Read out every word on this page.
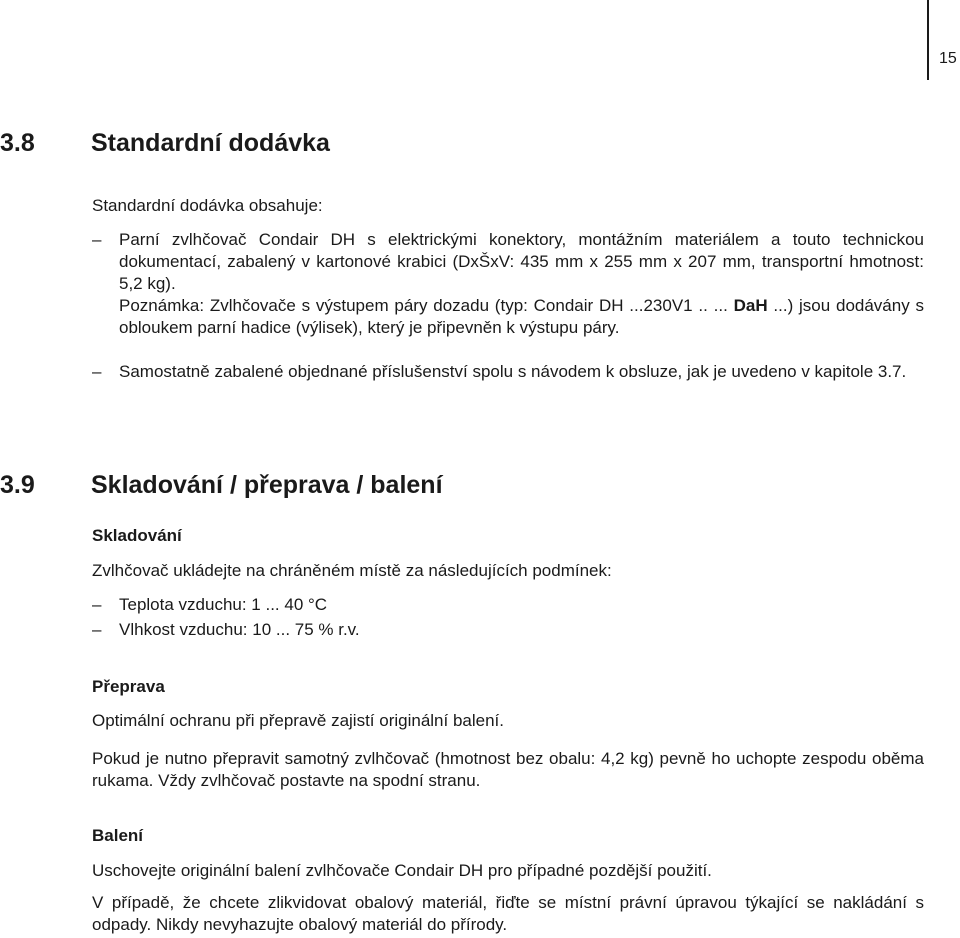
15
3.8 Standardní dodávka
Standardní dodávka obsahuje:
–	Parní zvlhčovač Condair DH s elektrickými konektory, montážním materiálem a touto technickou dokumentací, zabalený v kartonové krabici (DxŠxV: 435 mm x 255 mm x 207 mm, transportní hmotnost: 5,2 kg).
Poznámka: Zvlhčovače s výstupem páry dozadu (typ: Condair DH ...230V1 .. ... DaH ...) jsou dodávány s obloukem parní hadice (výlisek), který je připevněn k výstupu páry.
–	Samostatně zabalené objednané příslušenství spolu s návodem k obsluze, jak je uvedeno v kapitole 3.7.
3.9 Skladování / přeprava / balení
Skladování
Zvlhčovač ukládejte na chráněném místě za následujících podmínek:
–	Teplota vzduchu: 1 ... 40 °C
–	Vlhkost vzduchu: 10 ... 75 % r.v.
Přeprava
Optimální ochranu při přepravě zajistí originální balení.
Pokud je nutno přepravit samotný zvlhčovač (hmotnost bez obalu: 4,2 kg) pevně ho uchopte zespodu oběma rukama. Vždy zvlhčovač postavte na spodní stranu.
Balení
Uschovejte originální balení zvlhčovače Condair DH pro případné pozdější použití.
V případě, že chcete zlikvidovat obalový materiál, řiďte se místní právní úpravou týkající se nakládání s odpady. Nikdy nevyhazujte obalový materiál do přírody.
